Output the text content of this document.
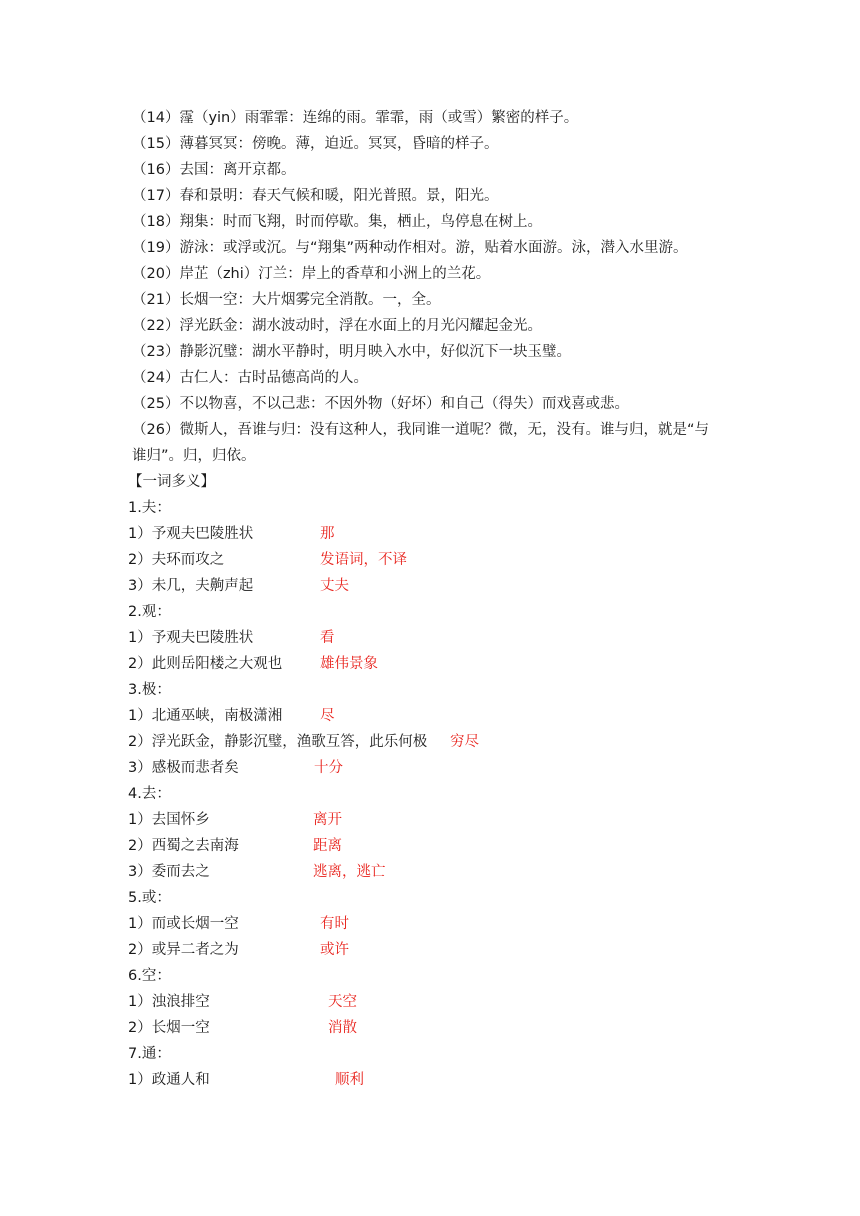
（14）霪（yin）雨霏霏：连绵的雨。霏霏，雨（或雪）繁密的样子。
（15）薄暮冥冥：傍晚。薄，迫近。冥冥，昏暗的样子。
（16）去国：离开京都。
（17）春和景明：春天气候和暖，阳光普照。景，阳光。
（18）翔集：时而飞翔，时而停歇。集，栖止，鸟停息在树上。
（19）游泳：或浮或沉。与“翔集”两种动作相对。游，贴着水面游。泳，潜入水里游。
（20）岸芷（zhi）汀兰：岸上的香草和小洲上的兰花。
（21）长烟一空：大片烟雾完全消散。一，全。
（22）浮光跃金：湖水波动时，浮在水面上的月光闪耀起金光。
（23）静影沉璧：湖水平静时，明月映入水中，好似沉下一块玉璧。
（24）古仁人：古时品德高尚的人。
（25）不以物喜，不以己悲：不因外物（好坏）和自己（得失）而戏喜或悲。
（26）微斯人，吾谁与归：没有这种人，我同谁一道呢？微，无，没有。谁与归，就是“与
谁归”。归，归依。
【一词多义】
1.夫：
1）予观夫巴陵胜状	那
2）夫环而攻之	发语词，不译
3）未几，夫齁声起	丈夫
2.观：
1）予观夫巴陵胜状	看
2）此则岳阳楼之大观也	雄伟景象
3.极：
1）北通巫峡，南极潇湘	尽
2）浮光跃金，静影沉璧，渔歌互答，此乐何极 穷尽
3）感极而悲者矣	十分
4.去：
1）去国怀乡	离开
2）西蜀之去南海	距离
3）委而去之	逃离，逃亡
5.或：
1）而或长烟一空	有时
2）或异二者之为	或许
6.空：
1）浊浪排空	天空
2）长烟一空	消散
7.通：
1）政通人和	顺利
